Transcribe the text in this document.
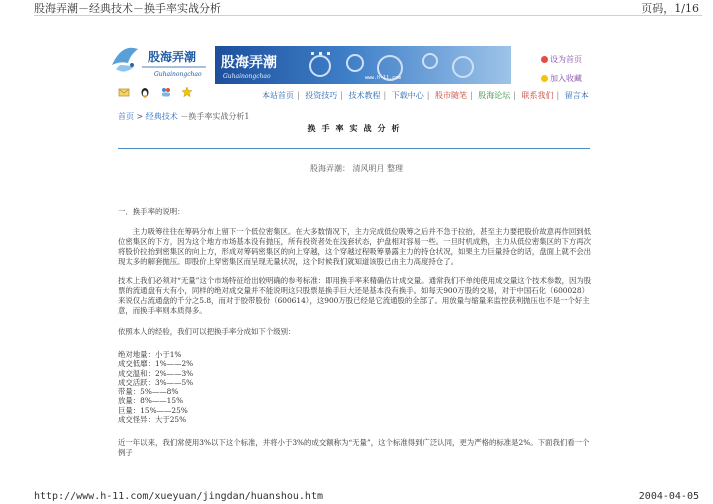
股海弄潮－经典技术－换手率实战分析	页码，1/16
股海弄潮
Guhainongchao
股海弄潮
Guhainongchao	www.h-11.com
设为首页
加入收藏
本站首页 | 投资技巧 | 技术教程 | 下载中心 | 股市随笔 | 股海论坛 | 联系我们 | 留言本
首页 > 经典技术 －换手率实战分析1
换手率实战分析
股海弄潮： 清风明月 整理
一．换手率的说明：
主力吸筹往往在筹码分布上留下一个低位密集区。在大多数情况下，主力完成低位吸筹之后并不急于拉抬，甚至主力要把股价故意再作回到低位密集区的下方，因为这个地方市场基本没有抛压，所有投资者处在浅套状态，护盘相对容易一些。一旦时机成熟，主力从低位密集区的下方再次将股价拉抬到密集区的向上方，形成对筹码密集区的向上穿越，这个穿越过程吸筹暴露主力的持仓状况，如果主力巨量持仓的话，盘面上就不会出现太多的解套抛压。即股价上穿密集区而呈现无量状况，这个时候我们就知道该股已由主力高度持仓了。
技术上我们必须对“无量”这个市场特征给出较明确的参考标准：即用换手率来精确估计成交量。通常我们不单纯使用成交量这个技术参数，因为股票的流通盘有大有小，同样的绝对成交量并不能说明这只股票是换手巨大还是基本没有换手。如每天900万股的交易，对于中国石化（600028）来说仅占流通盘的千分之5.8，而对于胶带股份（600614），这900万股已经是它流通股的全部了。用放量与缩量来监控获利抛压也不是一个好主意，而换手率则本质得多。
依照本人的经验，我们可以把换手率分成如下个级别：
绝对地量：小于1%
成交低靡：1%——2%
成交温和：2%——3%
成交活跃：3%——5%
带量：5%——8%
放量：8%——15%
巨量：15%——25%
成交怪异：大于25%
近一年以来，我们常使用3%以下这个标准，并将小于3%的成交额称为“无量”，这个标准得到广泛认同，更为严格的标准是2%。下面我们看一个例子
http://www.h-11.com/xueyuan/jingdan/huanshou.htm	2004-04-05
